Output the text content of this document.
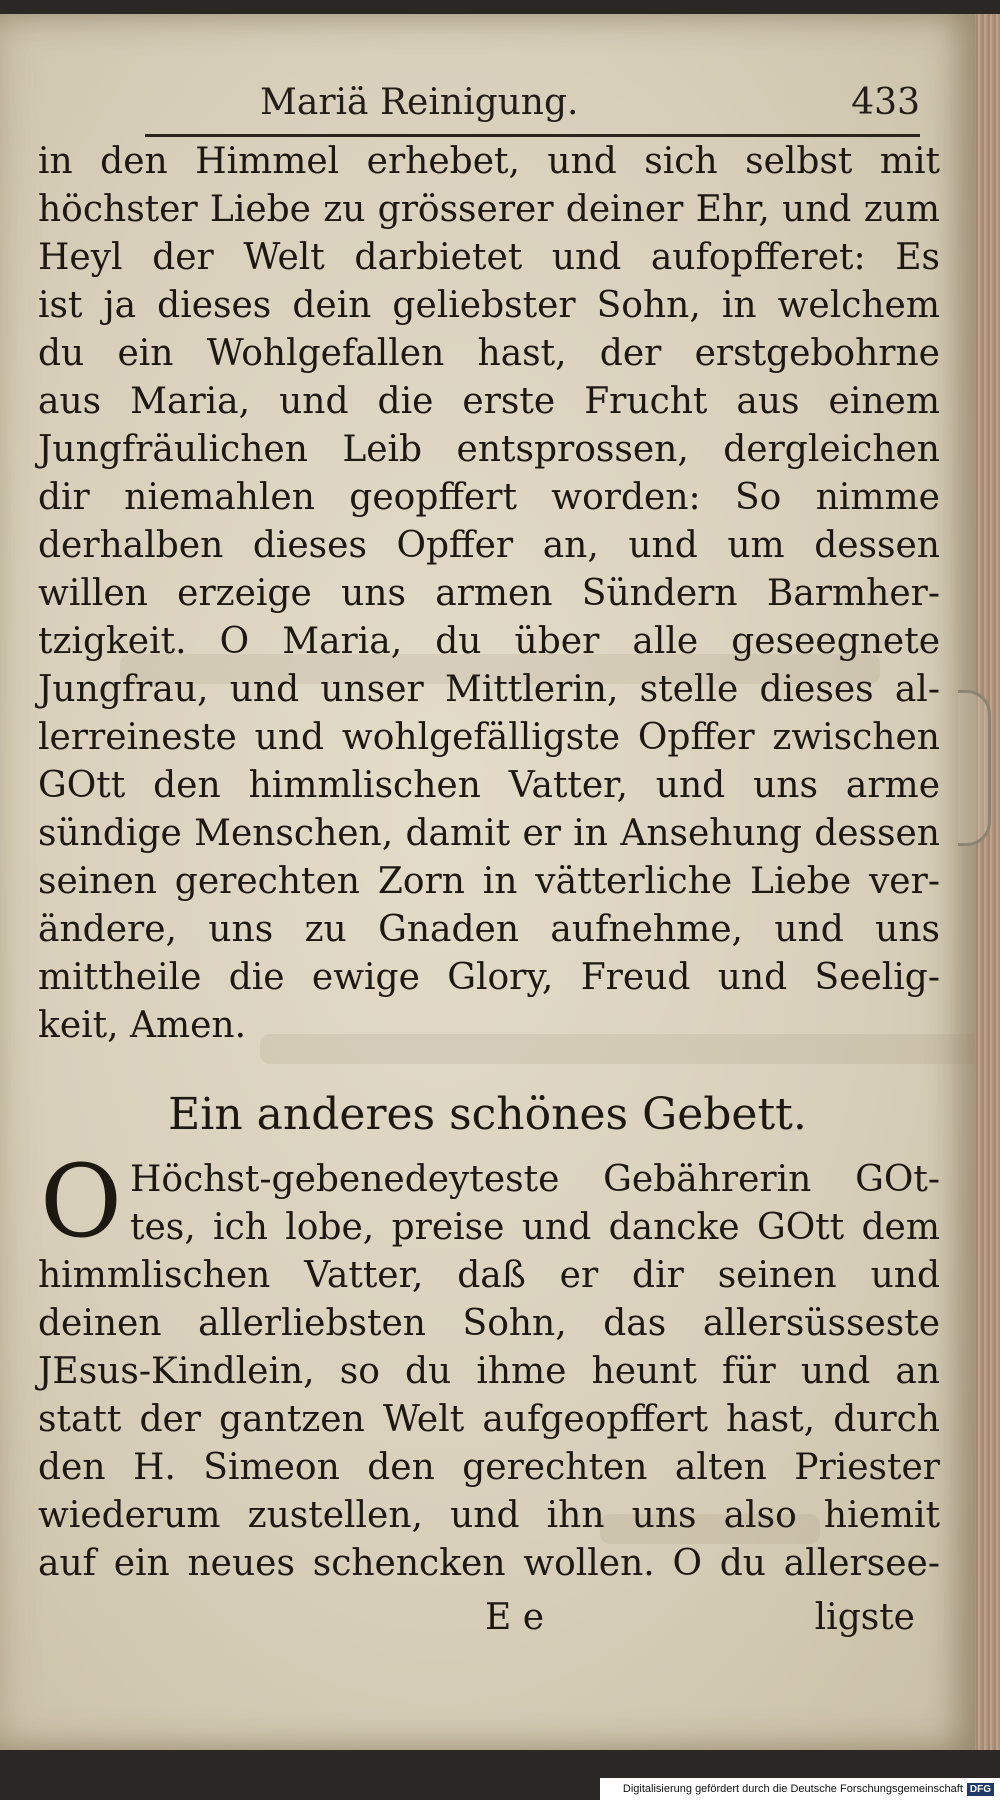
Mariä Reinigung.	433
in den Himmel erhebet, und sich selbst mit
höchster Liebe zu grösserer deiner Ehr, und zum
Heyl der Welt darbietet und aufopfferet: Es
ist ja dieses dein geliebster Sohn, in welchem
du ein Wohlgefallen hast, der erstgebohrne
aus Maria, und die erste Frucht aus einem
Jungfräulichen Leib entsprossen, dergleichen
dir niemahlen geopffert worden: So nimme
derhalben dieses Opffer an, und um dessen
willen erzeige uns armen Sündern Barmher-
tzigkeit. O Maria, du über alle geseegnete
Jungfrau, und unser Mittlerin, stelle dieses al-
lerreineste und wohlgefälligste Opffer zwischen
GOtt den himmlischen Vatter, und uns arme
sündige Menschen, damit er in Ansehung dessen
seinen gerechten Zorn in vätterliche Liebe ver-
ändere, uns zu Gnaden aufnehme, und uns
mittheile die ewige Glory, Freud und Seelig-
keit, Amen.
Ein anderes schönes Gebett.
O Höchst-gebenedeyteste Gebährerin GOt-
tes, ich lobe, preise und dancke GOtt dem
himmlischen Vatter, daß er dir seinen und
deinen allerliebsten Sohn, das allersüsseste
JEsus-Kindlein, so du ihme heunt für und an
statt der gantzen Welt aufgeopffert hast, durch
den H. Simeon den gerechten alten Priester
wiederum zustellen, und ihn uns also hiemit
auf ein neues schencken wollen. O du allersee-
E e	ligste
Digitalisierung gefördert durch die Deutsche Forschungsgemeinschaft DFG
